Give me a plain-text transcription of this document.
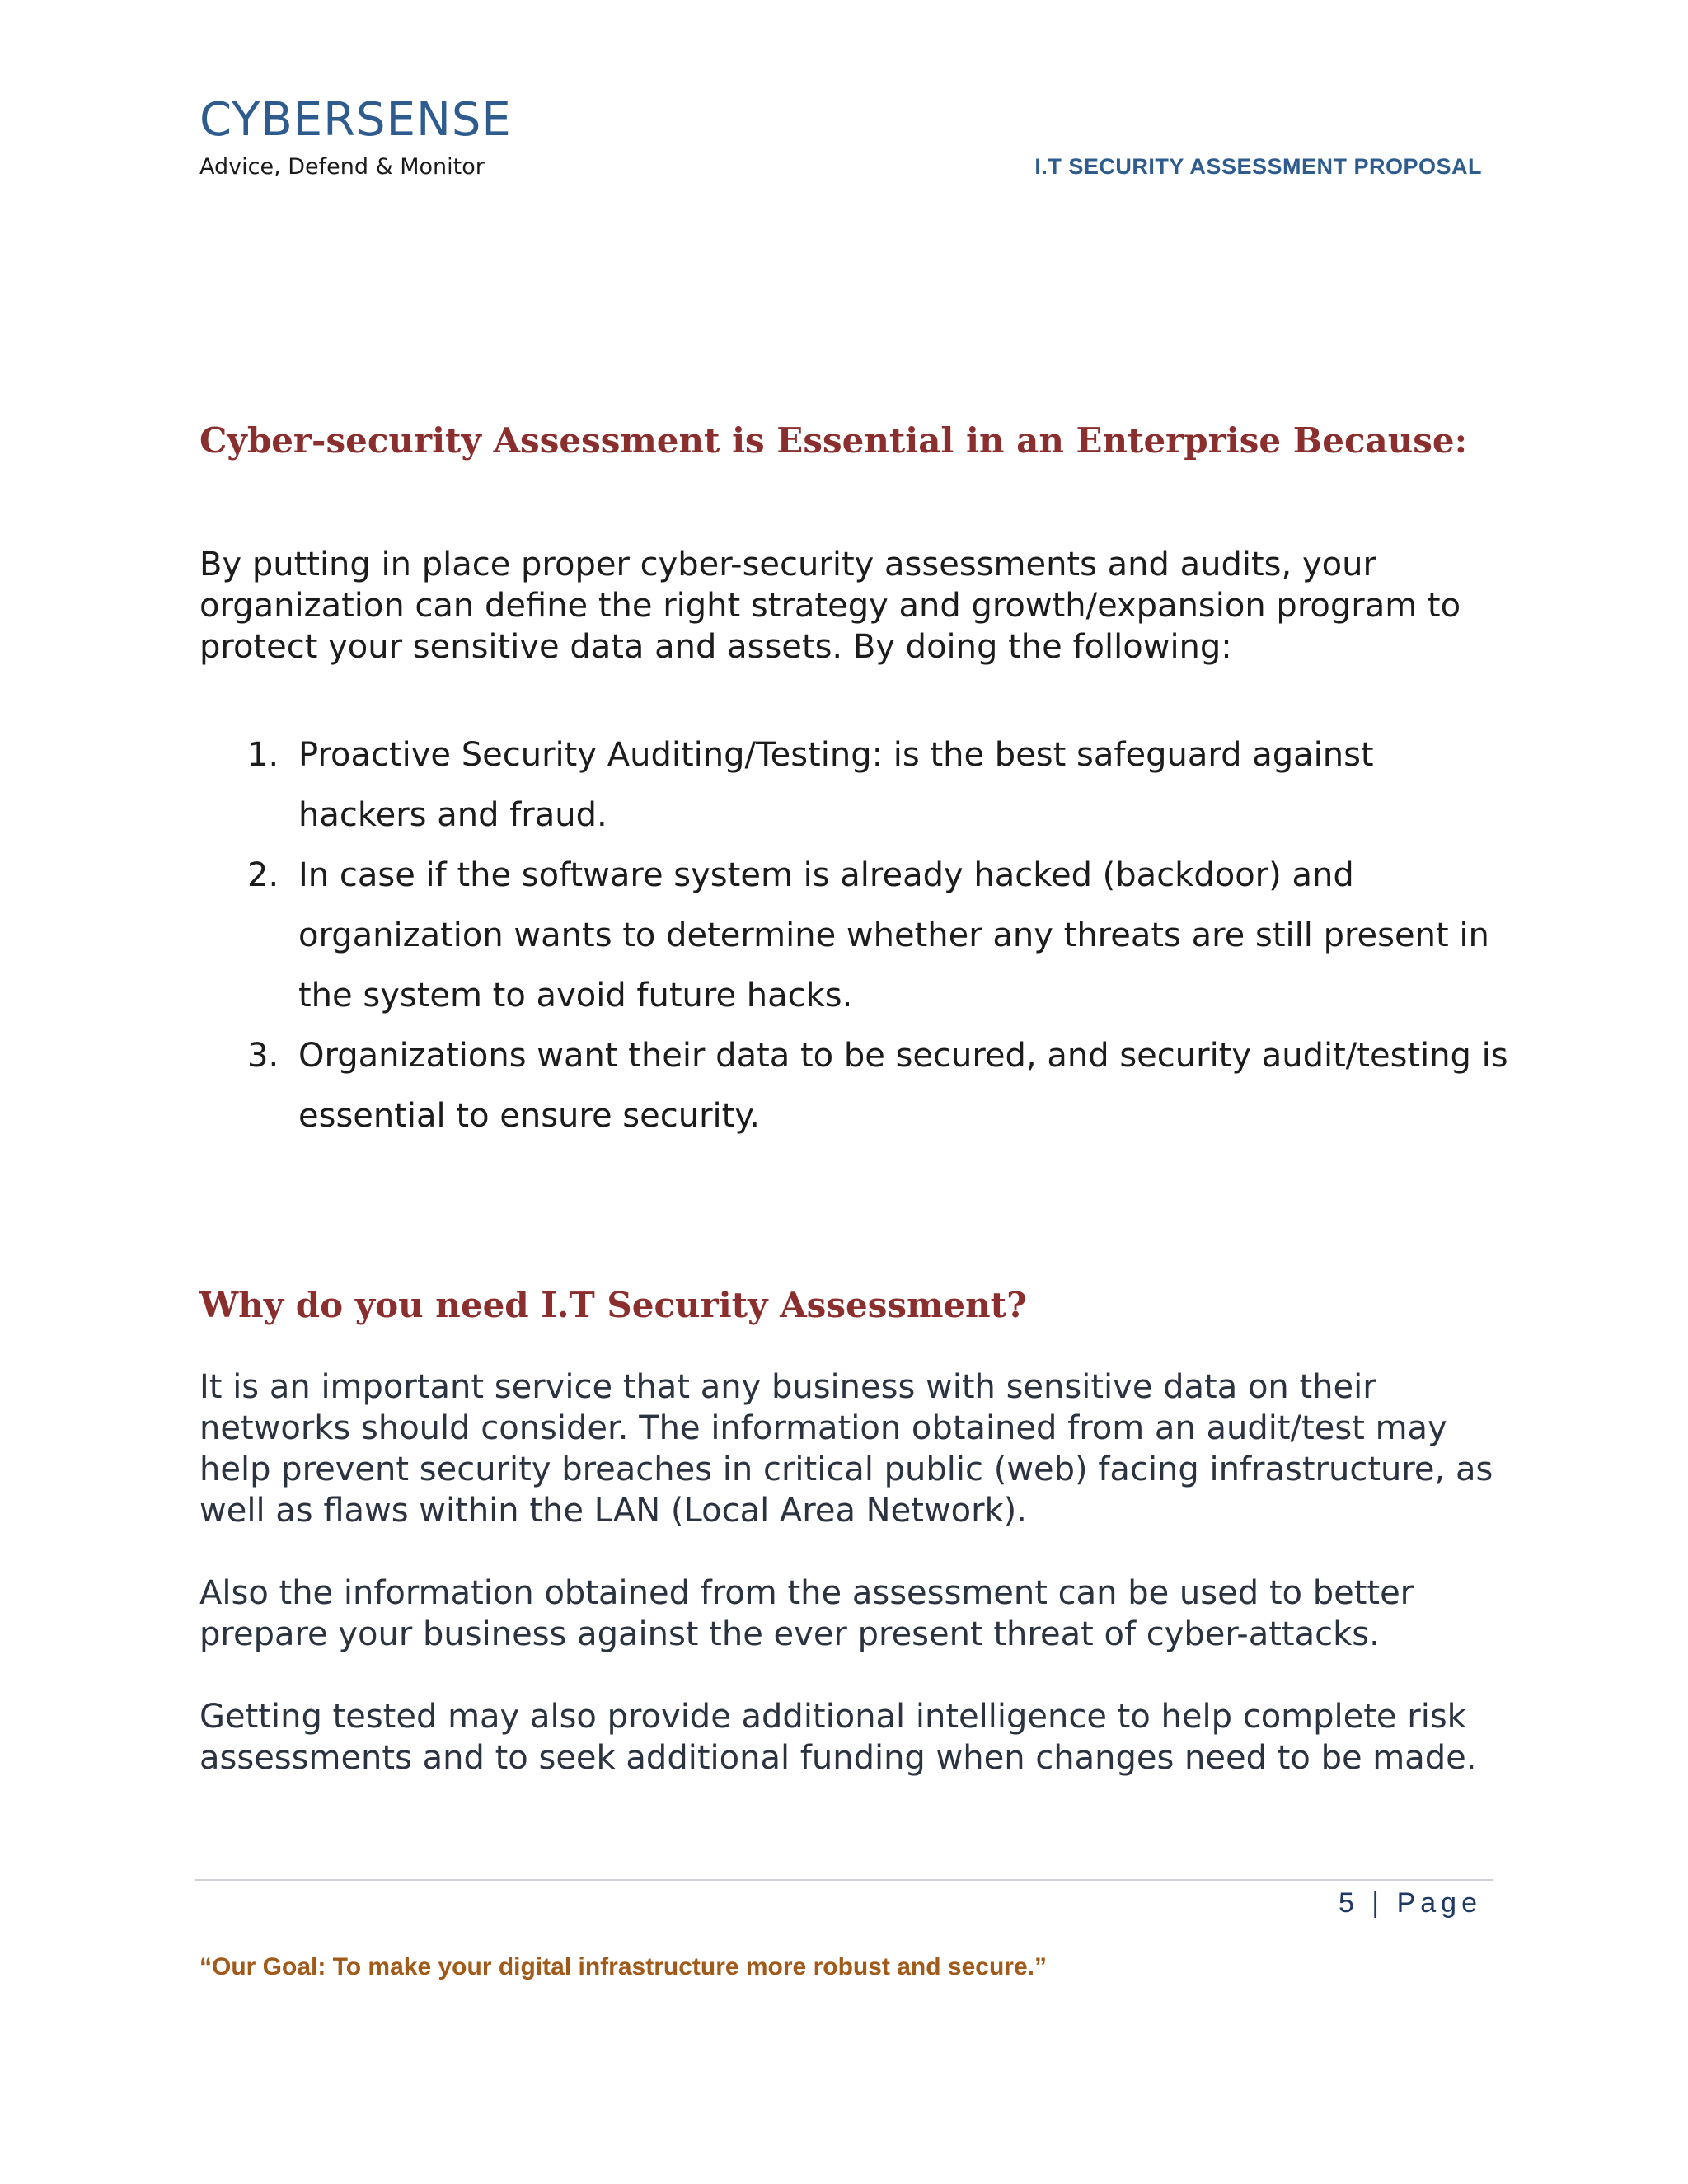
CYBERSENSE
Advice, Defend & Monitor	I.T SECURITY ASSESSMENT PROPOSAL
Cyber-security Assessment is Essential in an Enterprise Because:

By putting in place proper cyber-security assessments and audits, your organization can define the right strategy and growth/expansion program to protect your sensitive data and assets. By doing the following:

1. Proactive Security Auditing/Testing: is the best safeguard against hackers and fraud.
2. In case if the software system is already hacked (backdoor) and organization wants to determine whether any threats are still present in the system to avoid future hacks.
3. Organizations want their data to be secured, and security audit/testing is essential to ensure security.
Why do you need I.T Security Assessment?

It is an important service that any business with sensitive data on their networks should consider. The information obtained from an audit/test may help prevent security breaches in critical public (web) facing infrastructure, as well as flaws within the LAN (Local Area Network).

Also the information obtained from the assessment can be used to better prepare your business against the ever present threat of cyber-attacks.

Getting tested may also provide additional intelligence to help complete risk assessments and to seek additional funding when changes need to be made.

5 | Page
“Our Goal: To make your digital infrastructure more robust and secure.”
